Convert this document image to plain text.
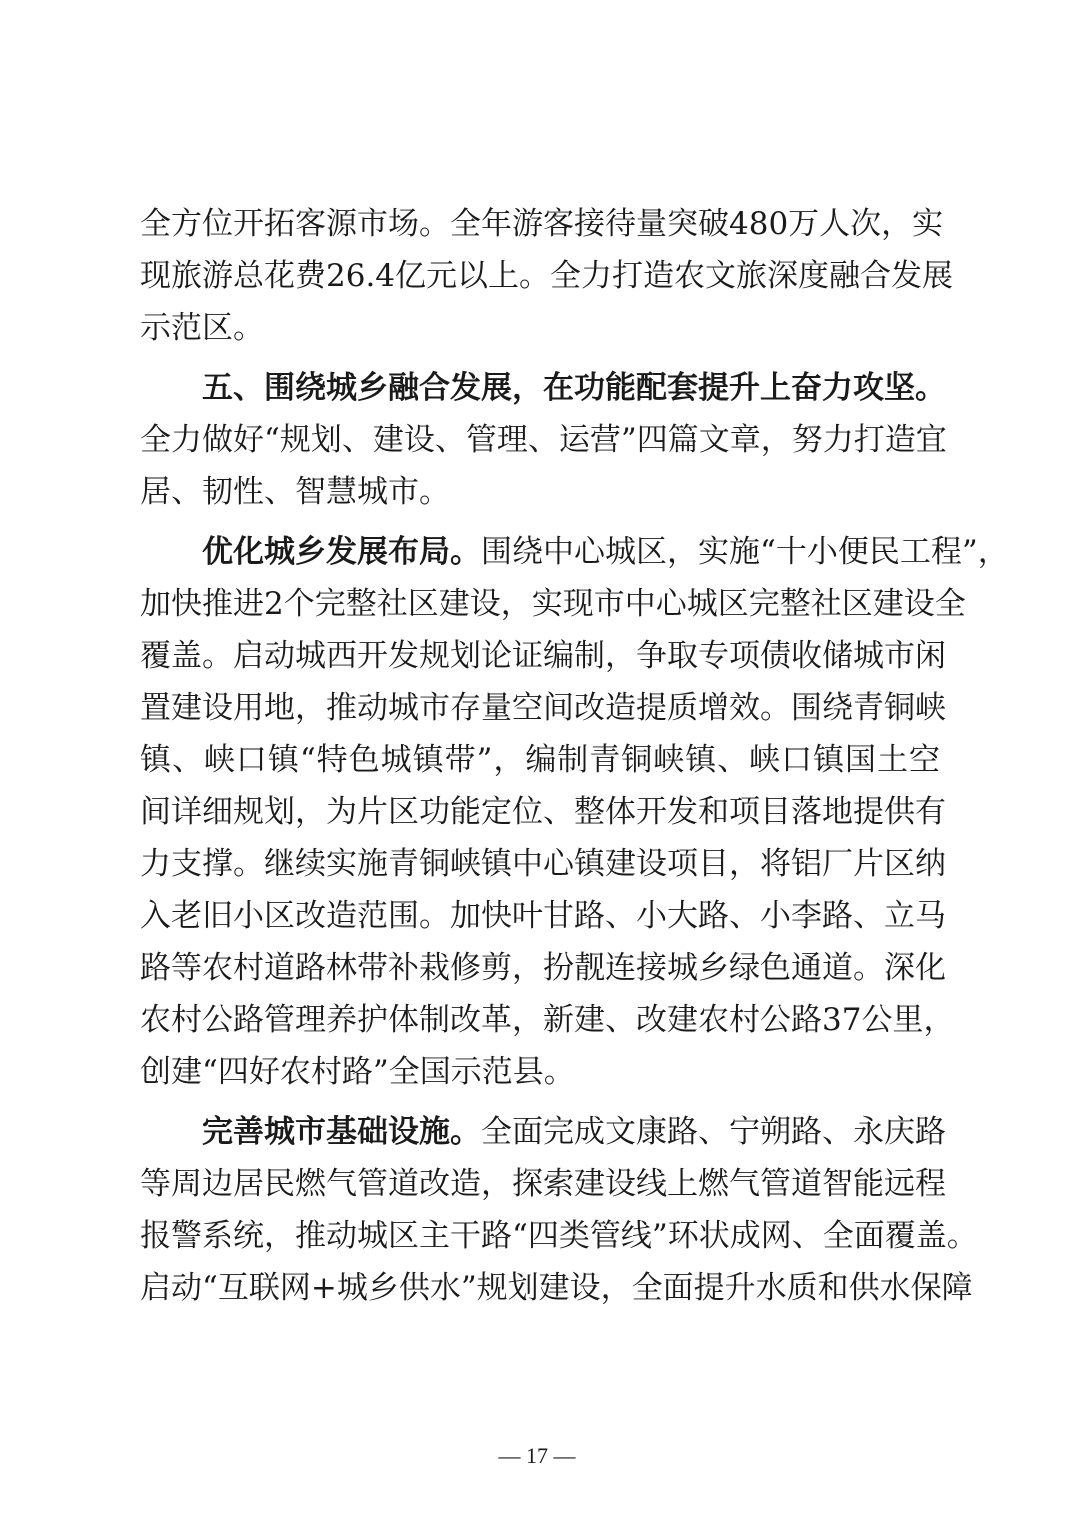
全方位开拓客源市场。全年游客接待量突破480万人次，实
现旅游总花费26.4亿元以上。全力打造农文旅深度融合发展
示范区。
五、围绕城乡融合发展，在功能配套提升上奋力攻坚。
全力做好“规划、建设、管理、运营”四篇文章，努力打造宜
居、韧性、智慧城市。
优化城乡发展布局。围绕中心城区，实施“十小便民工程”，
加快推进2个完整社区建设，实现市中心城区完整社区建设全
覆盖。启动城西开发规划论证编制，争取专项债收储城市闲
置建设用地，推动城市存量空间改造提质增效。围绕青铜峡
镇、峡口镇“特色城镇带”，编制青铜峡镇、峡口镇国土空
间详细规划，为片区功能定位、整体开发和项目落地提供有
力支撑。继续实施青铜峡镇中心镇建设项目，将铝厂片区纳
入老旧小区改造范围。加快叶甘路、小大路、小李路、立马
路等农村道路林带补栽修剪，扮靓连接城乡绿色通道。深化
农村公路管理养护体制改革，新建、改建农村公路37公里，
创建“四好农村路”全国示范县。
完善城市基础设施。全面完成文康路、宁朔路、永庆路
等周边居民燃气管道改造，探索建设线上燃气管道智能远程
报警系统，推动城区主干路“四类管线”环状成网、全面覆盖。
启动“互联网+城乡供水”规划建设，全面提升水质和供水保障
— 17 —
